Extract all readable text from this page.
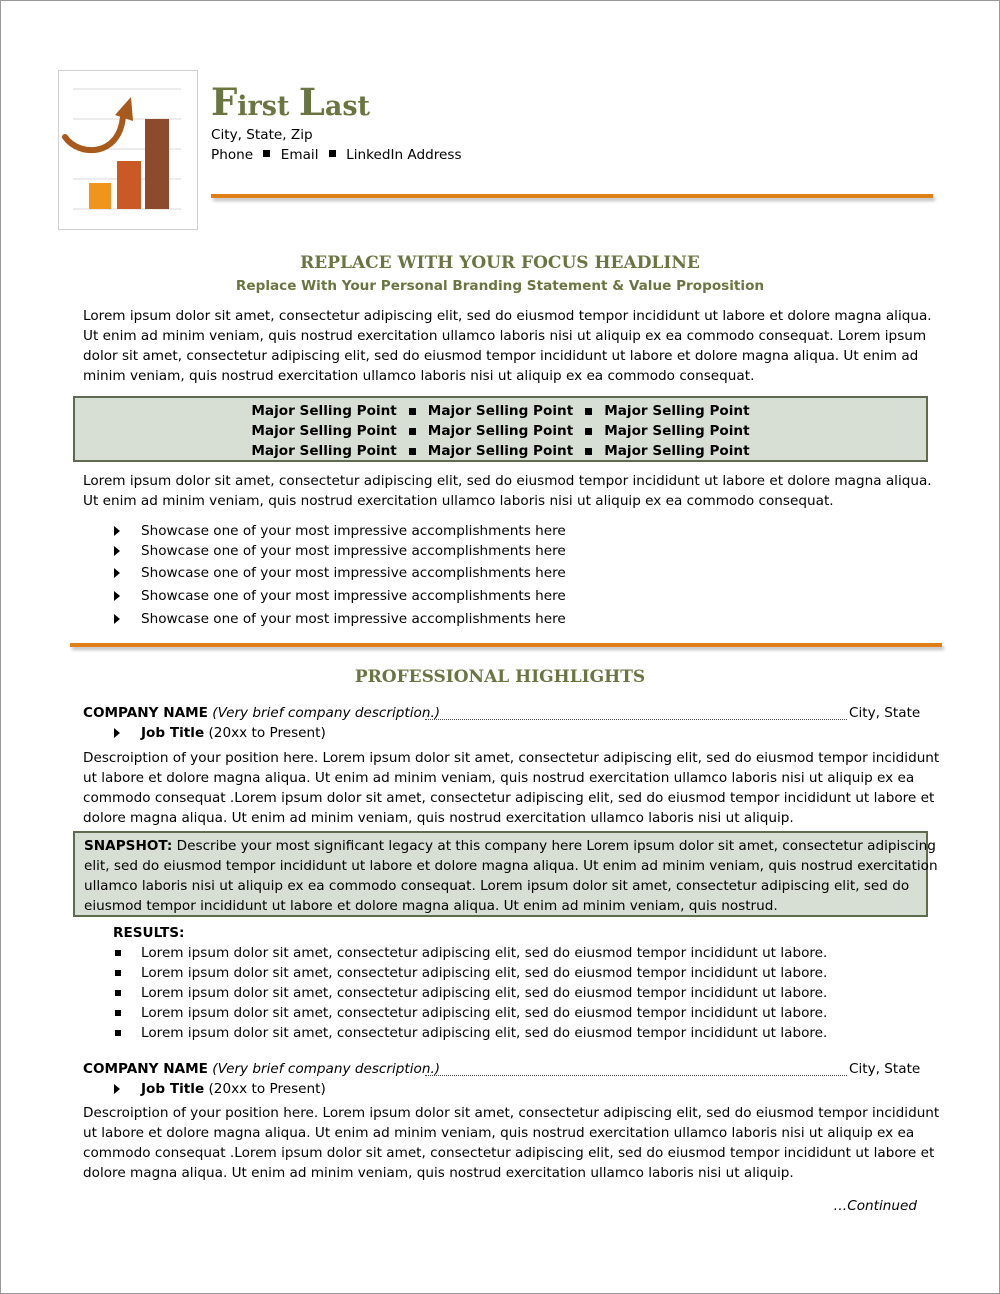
First Last
City, State, Zip
Phone Email LinkedIn Address
REPLACE WITH YOUR FOCUS HEADLINE
Replace With Your Personal Branding Statement & Value Proposition
Lorem ipsum dolor sit amet, consectetur adipiscing elit, sed do eiusmod tempor incididunt ut labore et dolore magna aliqua.
Ut enim ad minim veniam, quis nostrud exercitation ullamco laboris nisi ut aliquip ex ea commodo consequat. Lorem ipsum
dolor sit amet, consectetur adipiscing elit, sed do eiusmod tempor incididunt ut labore et dolore magna aliqua. Ut enim ad
minim veniam, quis nostrud exercitation ullamco laboris nisi ut aliquip ex ea commodo consequat.
Major Selling Point Major Selling Point Major Selling Point
Major Selling Point Major Selling Point Major Selling Point
Major Selling Point Major Selling Point Major Selling Point
Lorem ipsum dolor sit amet, consectetur adipiscing elit, sed do eiusmod tempor incididunt ut labore et dolore magna aliqua.
Ut enim ad minim veniam, quis nostrud exercitation ullamco laboris nisi ut aliquip ex ea commodo consequat.
Showcase one of your most impressive accomplishments here
Showcase one of your most impressive accomplishments here
Showcase one of your most impressive accomplishments here
Showcase one of your most impressive accomplishments here
Showcase one of your most impressive accomplishments here
PROFESSIONAL HIGHLIGHTS
COMPANY NAME (Very brief company description.)	City, State
Job Title (20xx to Present)
Descroiption of your position here. Lorem ipsum dolor sit amet, consectetur adipiscing elit, sed do eiusmod tempor incididunt
ut labore et dolore magna aliqua. Ut enim ad minim veniam, quis nostrud exercitation ullamco laboris nisi ut aliquip ex ea
commodo consequat .Lorem ipsum dolor sit amet, consectetur adipiscing elit, sed do eiusmod tempor incididunt ut labore et
dolore magna aliqua. Ut enim ad minim veniam, quis nostrud exercitation ullamco laboris nisi ut aliquip.
SNAPSHOT: Describe your most significant legacy at this company here Lorem ipsum dolor sit amet, consectetur adipiscing
elit, sed do eiusmod tempor incididunt ut labore et dolore magna aliqua. Ut enim ad minim veniam, quis nostrud exercitation
ullamco laboris nisi ut aliquip ex ea commodo consequat. Lorem ipsum dolor sit amet, consectetur adipiscing elit, sed do
eiusmod tempor incididunt ut labore et dolore magna aliqua. Ut enim ad minim veniam, quis nostrud.
RESULTS:
Lorem ipsum dolor sit amet, consectetur adipiscing elit, sed do eiusmod tempor incididunt ut labore.
Lorem ipsum dolor sit amet, consectetur adipiscing elit, sed do eiusmod tempor incididunt ut labore.
Lorem ipsum dolor sit amet, consectetur adipiscing elit, sed do eiusmod tempor incididunt ut labore.
Lorem ipsum dolor sit amet, consectetur adipiscing elit, sed do eiusmod tempor incididunt ut labore.
Lorem ipsum dolor sit amet, consectetur adipiscing elit, sed do eiusmod tempor incididunt ut labore.
COMPANY NAME (Very brief company description.)	City, State
Job Title (20xx to Present)
Descroiption of your position here. Lorem ipsum dolor sit amet, consectetur adipiscing elit, sed do eiusmod tempor incididunt
ut labore et dolore magna aliqua. Ut enim ad minim veniam, quis nostrud exercitation ullamco laboris nisi ut aliquip ex ea
commodo consequat .Lorem ipsum dolor sit amet, consectetur adipiscing elit, sed do eiusmod tempor incididunt ut labore et
dolore magna aliqua. Ut enim ad minim veniam, quis nostrud exercitation ullamco laboris nisi ut aliquip.
…Continued
